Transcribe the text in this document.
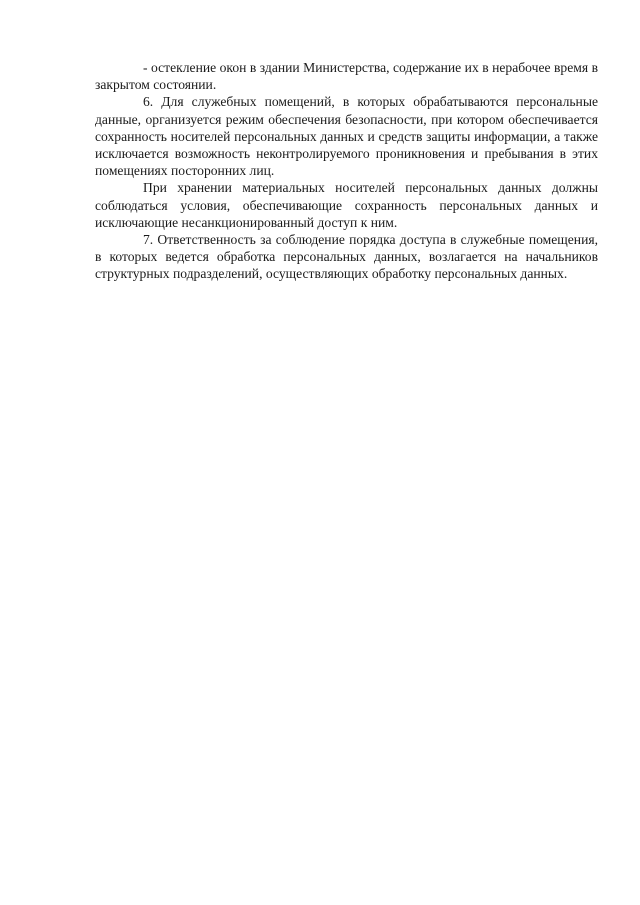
- остекление окон в здании Министерства, содержание их в нерабочее время в закрытом состоянии.

6. Для служебных помещений, в которых обрабатываются персональные данные, организуется режим обеспечения безопасности, при котором обеспечивается сохранность носителей персональных данных и средств защиты информации, а также исключается возможность неконтролируемого проникновения и пребывания в этих помещениях посторонних лиц.

При хранении материальных носителей персональных данных должны соблюдаться условия, обеспечивающие сохранность персональных данных и исключающие несанкционированный доступ к ним.

7. Ответственность за соблюдение порядка доступа в служебные помещения, в которых ведется обработка персональных данных, возлагается на начальников структурных подразделений, осуществляющих обработку персональных данных.
